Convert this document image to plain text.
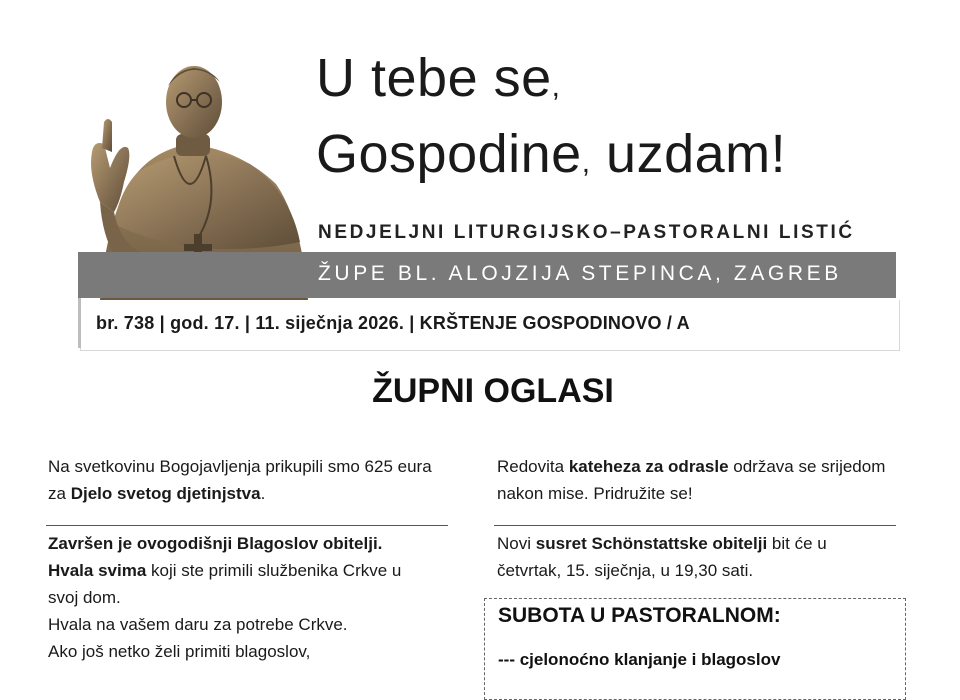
U tebe se,
Gospodine, uzdam!
NEDJELJNI LITURGIJSKO–PASTORALNI LISTIĆ
ŽUPE BL. ALOJZIJA STEPINCA, ZAGREB
br. 738 | god. 17. | 11. siječnja 2026. | KRŠTENJE GOSPODINOVO / A
ŽUPNI OGLASI
Na svetkovinu Bogojavljenja prikupili smo 625 eura za Djelo svetog djetinjstva.
Završen je ovogodišnji Blagoslov obitelji. Hvala svima koji ste primili službenika Crkve u svoj dom.
Hvala na vašem daru za potrebe Crkve.
Ako još netko želi primiti blagoslov,
Redovita kateheza za odrasle održava se srijedom nakon mise. Pridružite se!
Novi susret Schönstattske obitelji bit će u četvrtak, 15. siječnja, u 19,30 sati.
SUBOTA U PASTORALNOM:
--- cjelonoćno klanjanje i blagoslov
